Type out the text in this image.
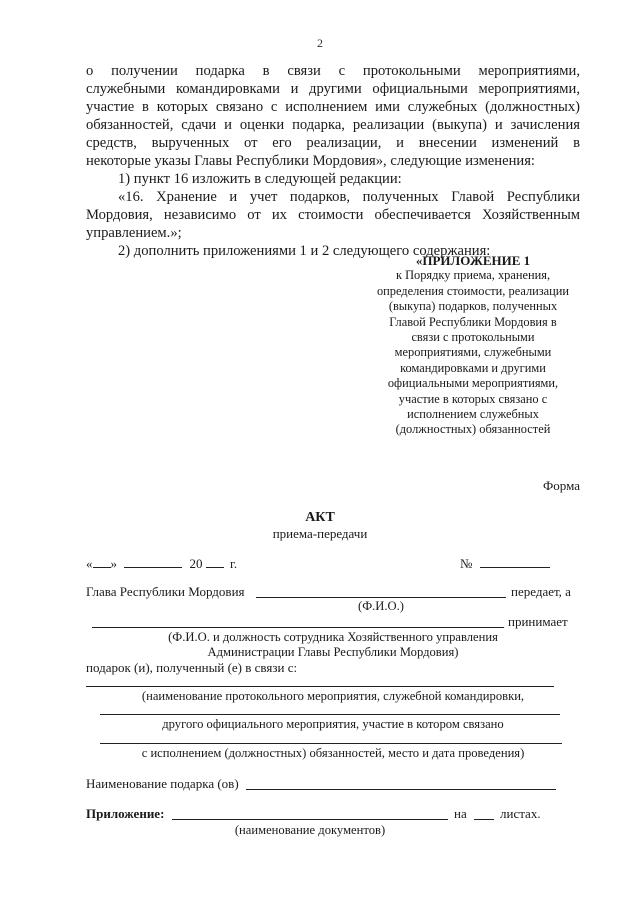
2
о получении подарка в связи с протокольными мероприятиями,
служебными командировками и другими официальными мероприятиями,
участие в которых связано с исполнением ими служебных (должностных)
обязанностей, сдачи и оценки подарка, реализации (выкупа) и зачисления
средств, вырученных от его реализации, и внесении изменений в
некоторые указы Главы Республики Мордовия», следующие изменения:
1) пункт 16 изложить в следующей редакции:
«16. Хранение и учет подарков, полученных Главой Республики
Мордовия, независимо от их стоимости обеспечивается Хозяйственным
управлением.»;
2) дополнить приложениями 1 и 2 следующего содержания:
«ПРИЛОЖЕНИЕ 1
к Порядку приема, хранения,
определения стоимости, реализации
(выкупа) подарков, полученных
Главой Республики Мордовия в
связи с протокольными
мероприятиями, служебными
командировками и другими
официальными мероприятиями,
участие в которых связано с
исполнением служебных
(должностных) обязанностей
Форма
АКТ
приема-передачи
« »	20 г.	№
Глава Республики Мордовия	передает, а
(Ф.И.О.)
принимает
(Ф.И.О. и должность сотрудника Хозяйственного управления
Администрации Главы Республики Мордовия)
подарок (и), полученный (е) в связи с:
(наименование протокольного мероприятия, служебной командировки,
другого официального мероприятия, участие в котором связано
с исполнением (должностных) обязанностей, место и дата проведения)
Наименование подарка (ов)
Приложение:	на	листах.
(наименование документов)
